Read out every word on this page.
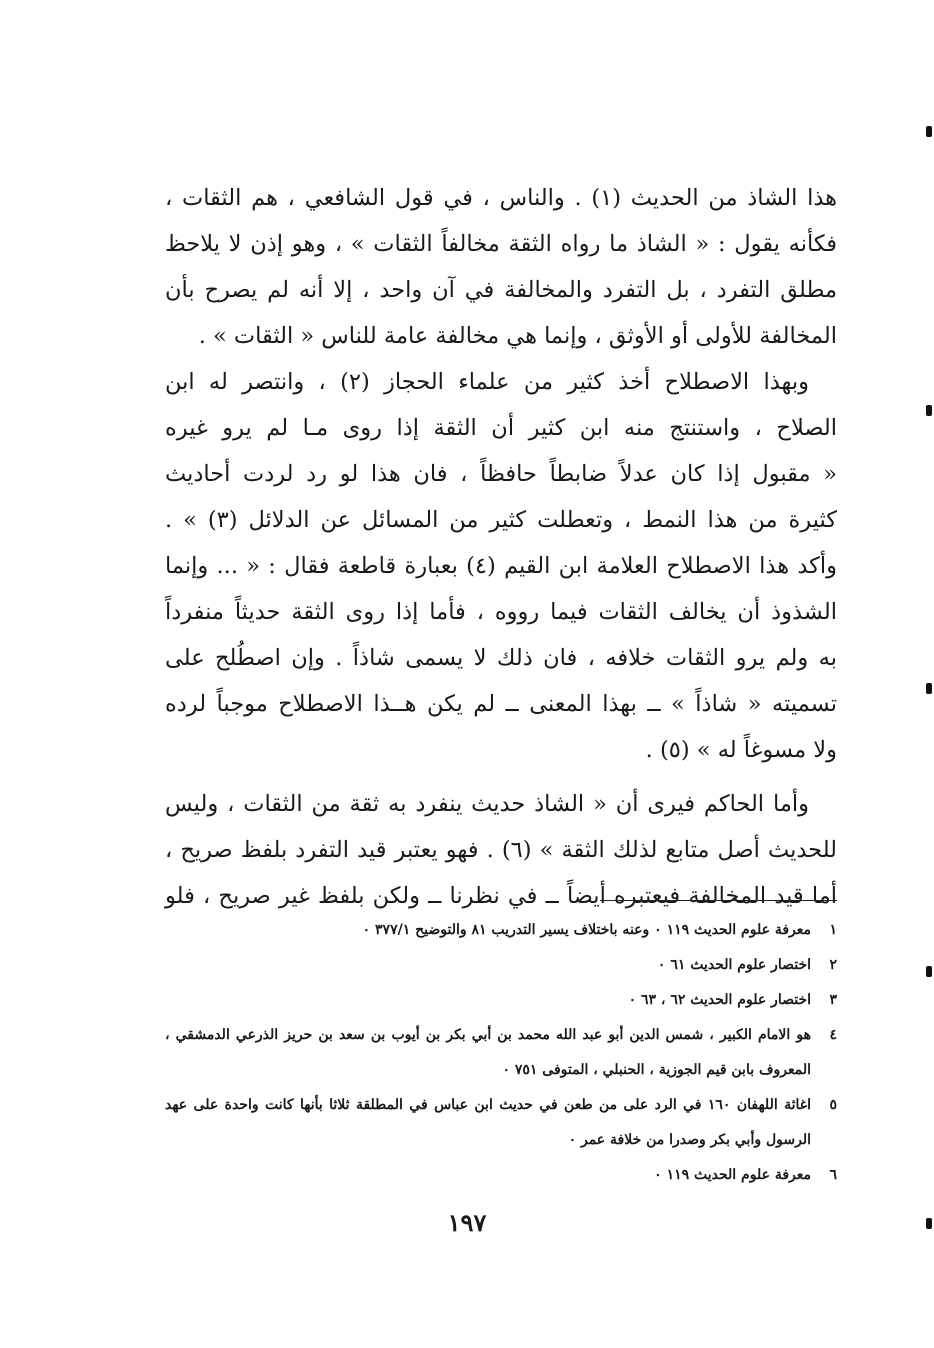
هذا الشاذ من الحديث (١) . والناس ، في قول الشافعي ، هم الثقات ،
فكأنه يقول : « الشاذ ما رواه الثقة مخالفاً الثقات » ، وهو إذن لا يلاحظ
مطلق التفرد ، بل التفرد والمخالفة في آن واحد ، إلا أنه لم يصرح بأن
المخالفة للأولى أو الأوثق ، وإنما هي مخالفة عامة للناس « الثقات » .
وبهذا الاصطلاح أخذ كثير من علماء الحجاز (٢) ، وانتصر له ابن
الصلاح ، واستنتج منه ابن كثير أن الثقة إذا روى مـا لم يرو غيره
« مقبول إذا كان عدلاً ضابطاً حافظاً ، فان هذا لو رد لردت أحاديث
كثيرة من هذا النمط ، وتعطلت كثير من المسائل عن الدلائل (٣) » .
وأكد هذا الاصطلاح العلامة ابن القيم (٤) بعبارة قاطعة فقال : « ... وإنما
الشذوذ أن يخالف الثقات فيما رووه ، فأما إذا روى الثقة حديثاً منفرداً
به ولم يرو الثقات خلافه ، فان ذلك لا يسمى شاذاً . وإن اصطُلح على
تسميته « شاذاً » ــ بهذا المعنى ــ لم يكن هــذا الاصطلاح موجباً لرده
ولا مسوغاً له » (٥) .
وأما الحاكم فيرى أن « الشاذ حديث ينفرد به ثقة من الثقات ، وليس
للحديث أصل متابع لذلك الثقة » (٦) . فهو يعتبر قيد التفرد بلفظ صريح ،
أما قيد المخالفة فيعتبره أيضاً ــ في نظرنا ــ ولكن بلفظ غير صريح ، فلو
١
معرفة علوم الحديث ١١٩ ٠ وعنه باختلاف يسير التدريب ٨١ والتوضيح ٣٧٧/١ ٠
٢
اختصار علوم الحديث ٦١ ٠
٣
اختصار علوم الحديث ٦٢ ، ٦٣ ٠
٤
هو الامام الكبير ، شمس الدين أبو عبد الله محمد بن أبي بكر بن أيوب بن سعد بن حريز الذرعي الدمشقي ، المعروف بابن قيم الجوزية ، الحنبلي ، المتوفى ٧٥١ ٠
٥
اغاثة اللهفان ١٦٠ في الرد على من طعن في حديث ابن عباس في المطلقة ثلاثا بأنها كانت واحدة على عهد الرسول وأبي بكر وصدرا من خلافة عمر ٠
٦
معرفة علوم الحديث ١١٩ ٠
١٩٧
